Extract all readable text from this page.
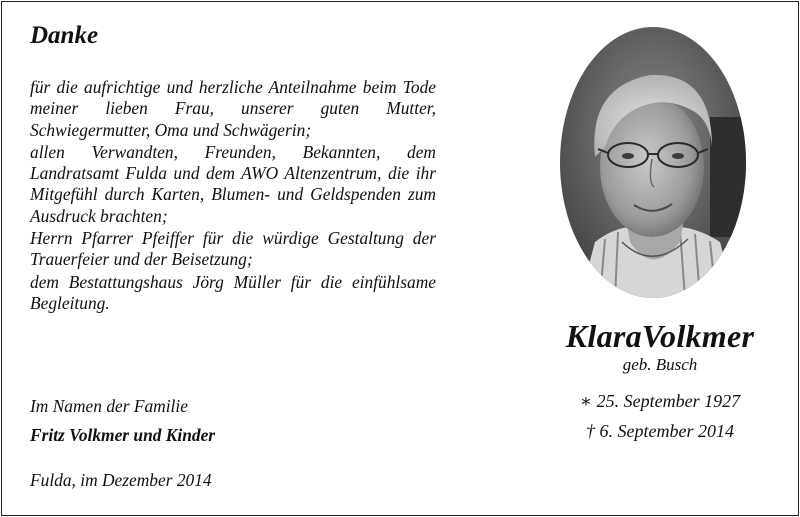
Danke

für die aufrichtige und herzliche Anteilnahme beim Tode meiner lieben Frau, unserer guten Mutter, Schwiegermutter, Oma und Schwägerin;

allen Verwandten, Freunden, Bekannten, dem Landratsamt Fulda und dem AWO Altenzentrum, die ihr Mitgefühl durch Karten, Blumen- und Geldspenden zum Ausdruck brachten;

Herrn Pfarrer Pfeiffer für die würdige Gestaltung der Trauerfeier und der Beisetzung;

dem Bestattungshaus Jörg Müller für die einfühlsame Begleitung.

Im Namen der Familie
Fritz Volkmer und Kinder
Fulda, im Dezember 2014
KlaraVolkmer
geb. Busch
∗ 25. September 1927
† 6. September 2014
